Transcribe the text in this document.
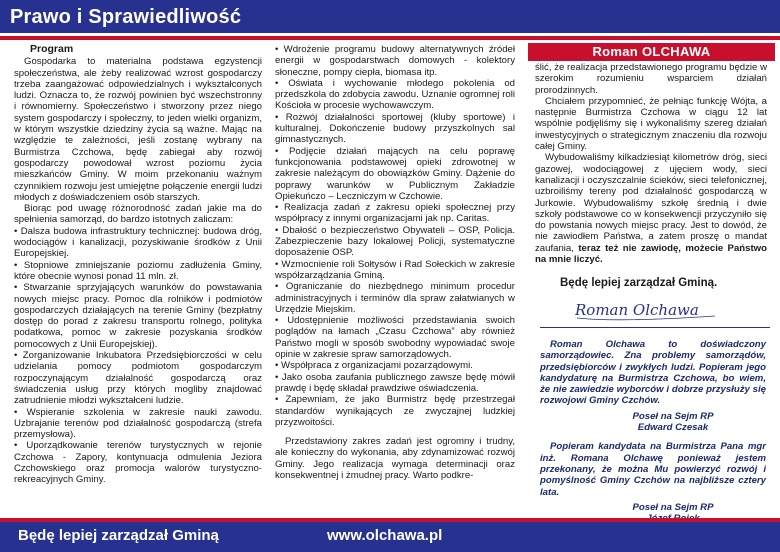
Prawo i Sprawiedliwość
Program

Gospodarka to materialna podstawa egzystencji społeczeństwa, ale żeby realizować wzrost gospodarczy trzeba zaangażować odpowiedzialnych i wykształconych ludzi. Oznacza to, że rozwój powinien być wszechstronny i równomierny. Społeczeństwo i stworzony przez niego system gospodarczy i społeczny, to jeden wielki organizm, w którym wszystkie dziedziny życia są ważne. Mając na względzie te zależności, jeśli zostanę wybrany na Burmistrza Czchowa, będę zabiegał aby rozwój gospodarczy powodował wzrost poziomu życia mieszkańców Gminy. W moim przekonaniu ważnym czynnikiem rozwoju jest umiejętne połączenie energii ludzi młodych z doświadczeniem osób starszych.

Biorąc pod uwagę różnorodność zadań jakie ma do spełnienia samorząd, do bardzo istotnych zaliczam:

• Dalsza budowa infrastruktury technicznej: budowa dróg, wodociągów i kanalizacji, pozyskiwanie środków z Unii Europejskiej.

• Stopniowe zmniejszanie poziomu zadłużenia Gminy, które obecnie wynosi ponad 11 mln. zł.

• Stwarzanie sprzyjających warunków do powstawania nowych miejsc pracy. Pomoc dla rolników i podmiotów gospodarczych działających na terenie Gminy (bezpłatny dostęp do porad z zakresu transportu rolnego, polityka podatkowa, pomoc w zakresie pozyskania środków pomocowych z Unii Europejskiej).

• Zorganizowanie Inkubatora Przedsiębiorczości w celu udzielania pomocy podmiotom gospodarczym rozpoczynającym działalność gospodarczą oraz świadczenia usług przy których mogliby znajdować zatrudnienie młodzi wykształceni ludzie.

• Wspieranie szkolenia w zakresie nauki zawodu. Uzbrajanie terenów pod działalność gospodarczą (strefa przemysłowa).

• Uporządkowanie terenów turystycznych w rejonie Czchowa - Zapory, kontynuacja odmulenia Jeziora Czchowskiego oraz promocja walorów turystyczno-rekreacyjnych Gminy.

• Wdrożenie programu budowy alternatywnych źródeł energii w gospodarstwach domowych - kolektory słoneczne, pompy ciepła, biomasa itp.

• Oświata i wychowanie młodego pokolenia od przedszkola do zdobycia zawodu. Uznanie ogromnej roli Kościoła w procesie wychowawczym.

• Rozwój działalności sportowej (kluby sportowe) i kulturalnej. Dokończenie budowy przyszkolnych sal gimnastycznych.

• Podjęcie działań mających na celu poprawę funkcjonowania podstawowej opieki zdrowotnej w zakresie należącym do obowiązków Gminy. Dążenie do poprawy warunków w Publicznym Zakładzie Opiekuńczo – Leczniczym w Czchowie.

• Realizacja zadań z zakresu opieki społecznej przy współpracy z innymi organizacjami jak np. Caritas.

• Dbałość o bezpieczeństwo Obywateli – OSP, Policja. Zabezpieczenie bazy lokalowej Policji, systematyczne doposażenie OSP.

• Wzmocnienie roli Sołtysów i Rad Sołeckich w zakresie współzarządzania Gminą.

• Ograniczanie do niezbędnego minimum procedur administracyjnych i terminów dla spraw załatwianych w Urzędzie Miejskim.

• Udostępnienie możliwości przedstawiania swoich poglądów na łamach „Czasu Czchowa” aby również Państwo mogli w sposób swobodny wypowiadać swoje opinie w zakresie spraw samorządowych.

• Współpraca z organizacjami pozarządowymi.

• Jako osoba zaufania publicznego zawsze będę mówił prawdę i będę składał prawdziwe oświadczenia.

• Zapewniam, że jako Burmistrz będę przestrzegał standardów wynikających ze zwyczajnej ludzkiej przyzwoitości.

Przedstawiony zakres zadań jest ogromny i trudny, ale konieczny do wykonania, aby zdynamizować rozwój Gminy. Jego realizacja wymaga determinacji oraz konsekwentnej i żmudnej pracy. Warto podkre-

Roman OLCHAWA

ślić, że realizacja przedstawionego programu będzie w szerokim rozumieniu wsparciem działań prorodzinnych.

Chciałem przypomnieć, że pełniąc funkcję Wójta, a następnie Burmistrza Czchowa w ciągu 12 lat wspólnie podjęliśmy się i wykonaliśmy szereg działań inwestycyjnych o strategicznym znaczeniu dla rozwoju całej Gminy.

Wybudowaliśmy kilkadziesiąt kilometrów dróg, sieci gazowej, wodociągowej z ujęciem wody, sieci kanalizacji i oczyszczalnie ścieków, sieci telefonicznej, uzbroiliśmy tereny pod działalność gospodarczą w Jurkowie. Wybudowaliśmy szkołę średnią i dwie szkoły podstawowe co w konsekwencji przyczyniło się do powstania nowych miejsc pracy. Jest to dowód, że nie zawiodłem Państwa, a zatem proszę o mandat zaufania, teraz też nie zawiodę, możecie Państwo na mnie liczyć.

Będę lepiej zarządzał Gminą.
Roman Olchawa

Roman Olchawa to doświadczony samorządowiec. Zna problemy samorządów, przedsiębiorców i zwykłych ludzi. Popieram jego kandydaturę na Burmistrza Czchowa, bo wiem, że nie zawiedzie wyborców i dobrze przysłuży się rozwojowi Gminy Czchów.

Poseł na Sejm RP
Edward Czesak

Popieram kandydata na Burmistrza Pana mgr inż. Romana Olchawę ponieważ jestem przekonany, że można Mu powierzyć rozwój i pomyślność Gminy Czchów na najbliższe cztery lata.

Poseł na Sejm RP
Będę lepiej zarządzał Gminą	www.olchawa.pl
